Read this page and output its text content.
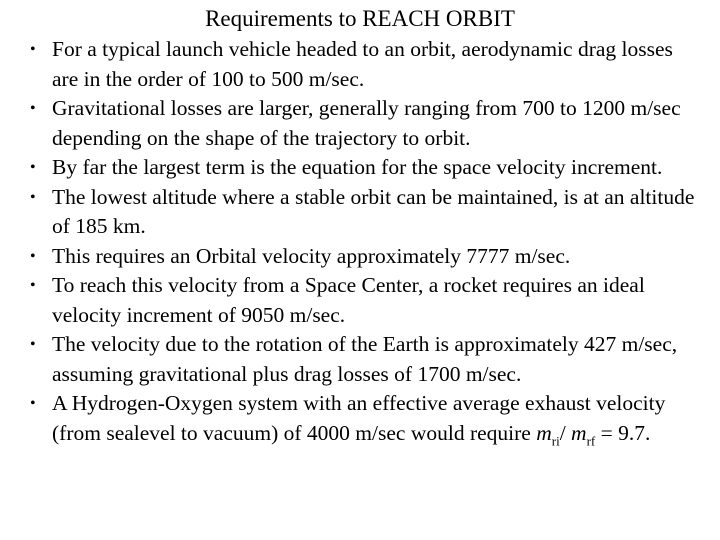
Requirements to REACH ORBIT
• For a typical launch vehicle headed to an orbit, aerodynamic drag losses are in the order of 100 to 500 m/sec.
• Gravitational losses are larger, generally ranging from 700 to 1200 m/sec depending on the shape of the trajectory to orbit.
• By far the largest term is the equation for the space velocity increment.
• The lowest altitude where a stable orbit can be maintained, is at an altitude of 185 km.
• This requires an Orbital velocity approximately 7777 m/sec.
• To reach this velocity from a Space Center, a rocket requires an ideal velocity increment of 9050 m/sec.
• The velocity due to the rotation of the Earth is approximately 427 m/sec, assuming gravitational plus drag losses of 1700 m/sec.
• A Hydrogen-Oxygen system with an effective average exhaust velocity (from sealevel to vacuum) of 4000 m/sec would require $m_{ri}/$ $m_{rf} = 9.7$.
